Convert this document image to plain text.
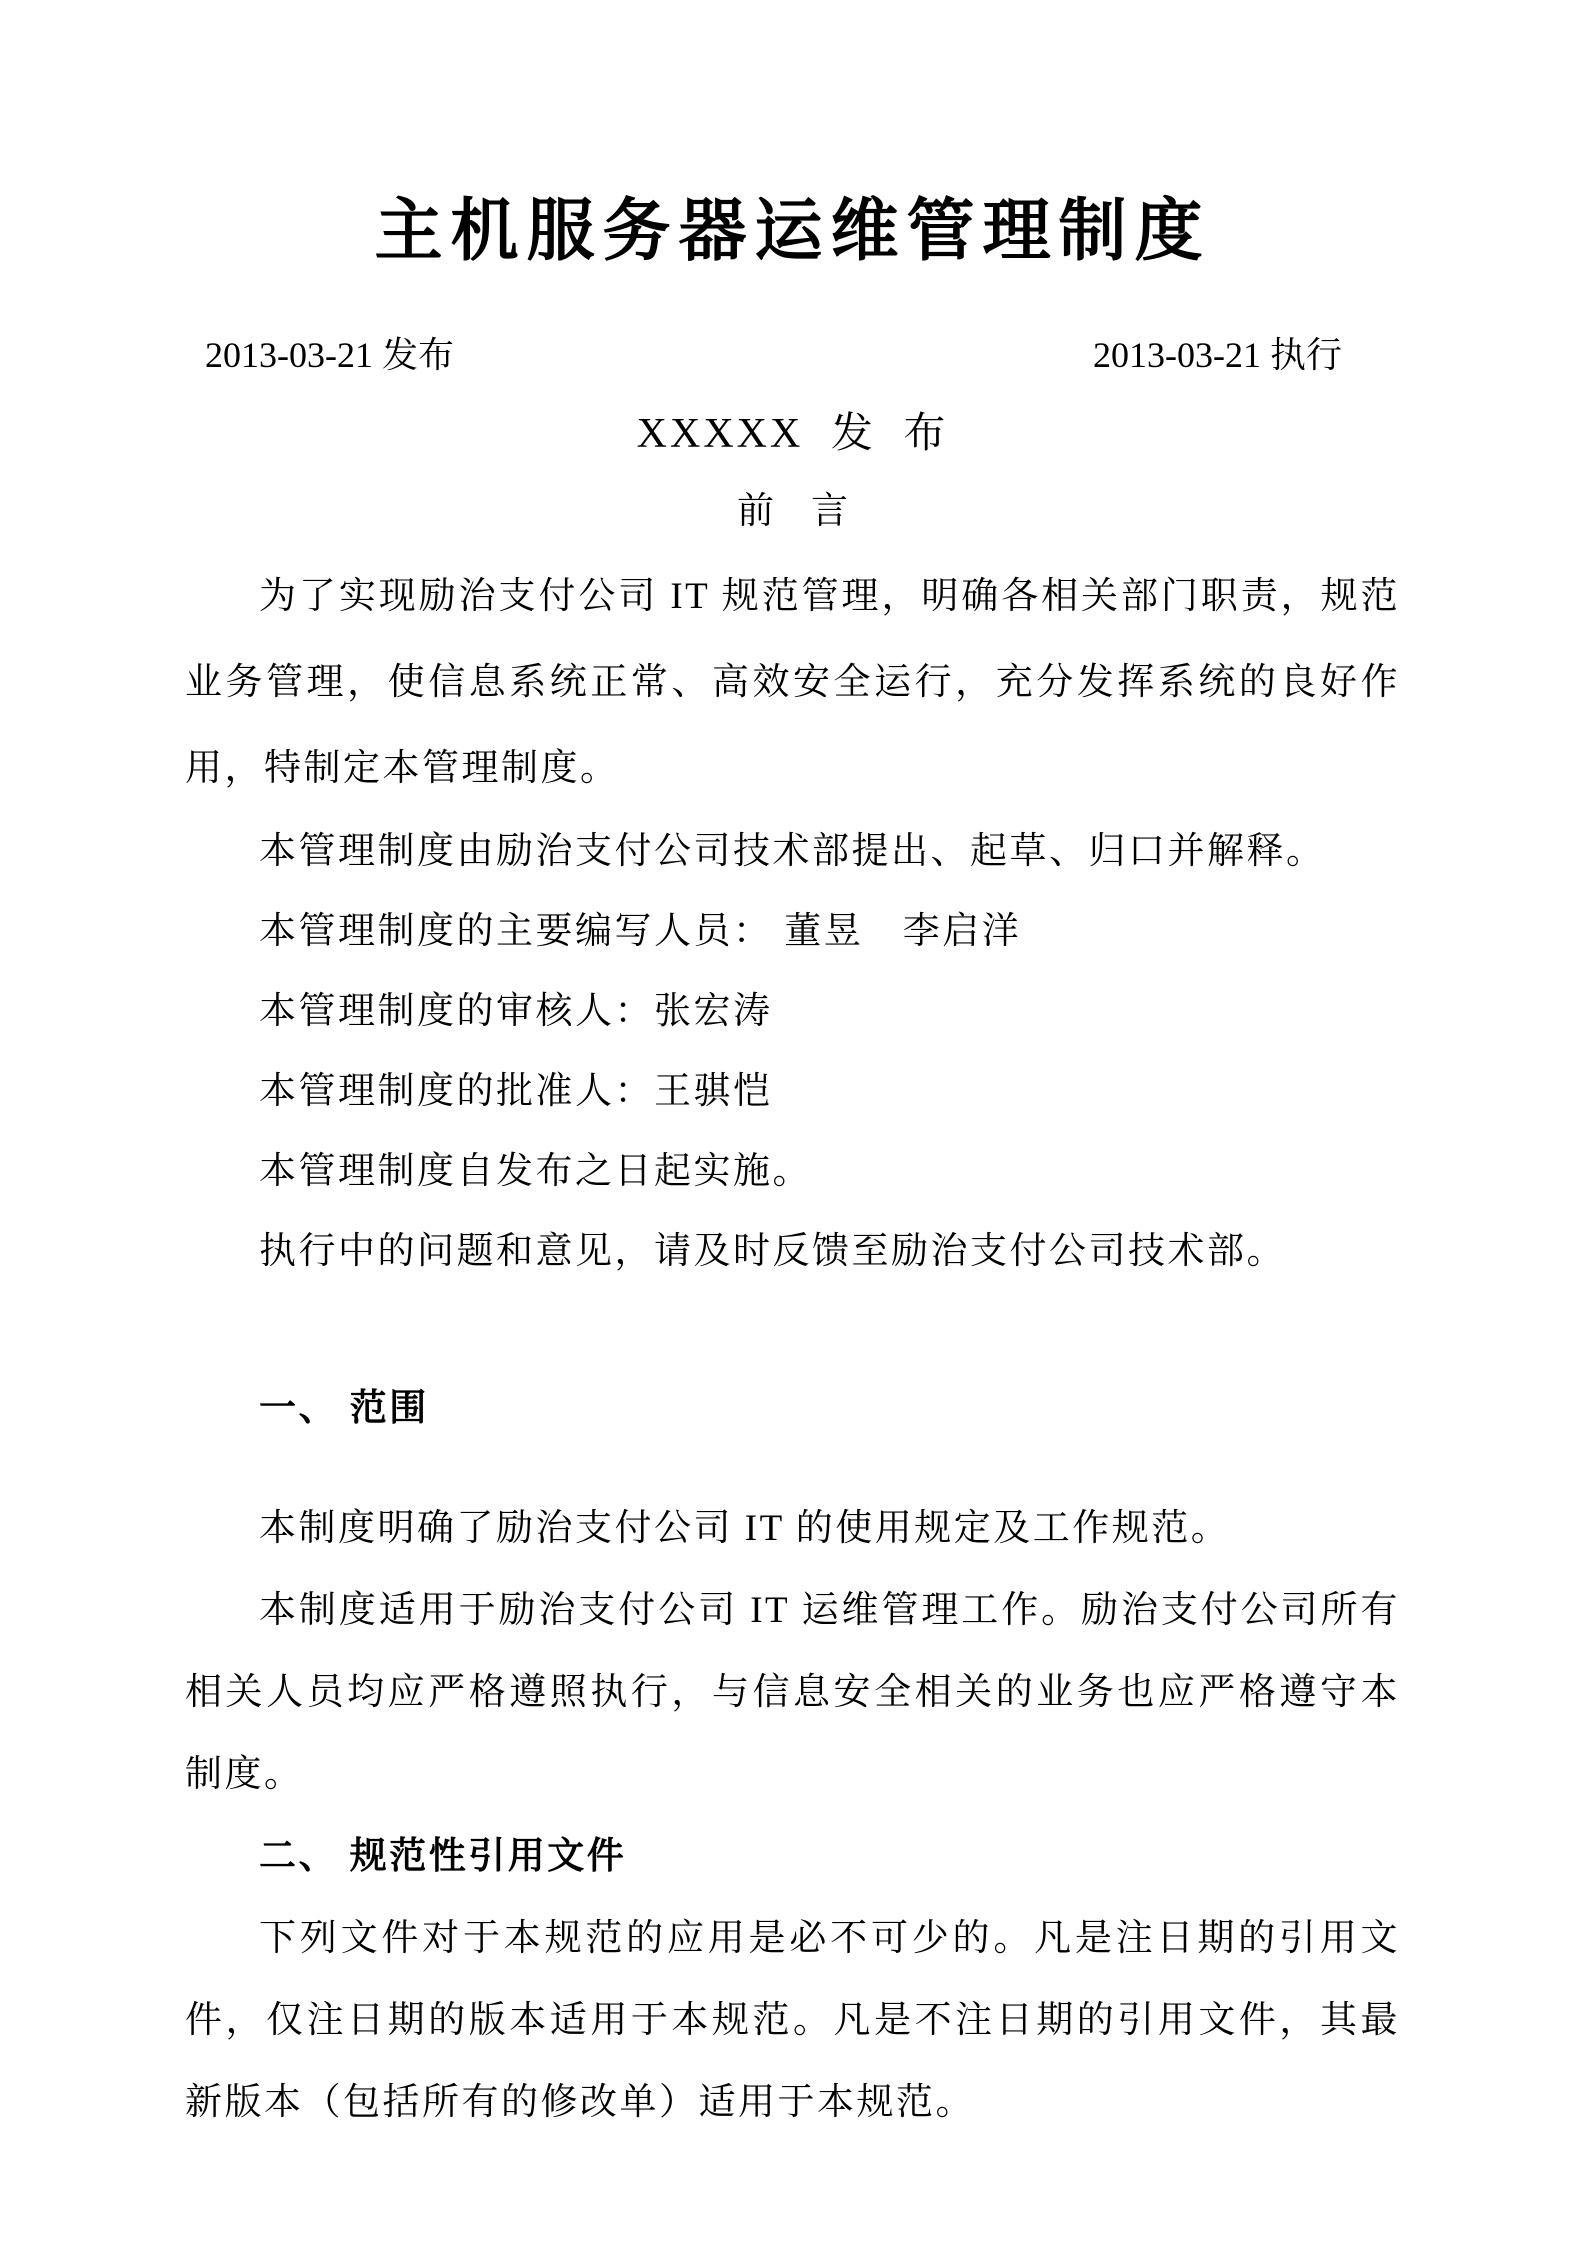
主机服务器运维管理制度
2013-03-21 发布	2013-03-21 执行
XXXXX 发 布
前　言

为了实现励治支付公司 IT 规范管理，明确各相关部门职责，规范业务管理，使信息系统正常、高效安全运行，充分发挥系统的良好作用，特制定本管理制度。

本管理制度由励治支付公司技术部提出、起草、归口并解释。

本管理制度的主要编写人员： 董昱　李启洋

本管理制度的审核人：张宏涛

本管理制度的批准人：王骐恺

本管理制度自发布之日起实施。

执行中的问题和意见，请及时反馈至励治支付公司技术部。

一、 范围

本制度明确了励治支付公司 IT 的使用规定及工作规范。

本制度适用于励治支付公司 IT 运维管理工作。励治支付公司所有相关人员均应严格遵照执行，与信息安全相关的业务也应严格遵守本制度。

二、 规范性引用文件

下列文件对于本规范的应用是必不可少的。凡是注日期的引用文件，仅注日期的版本适用于本规范。凡是不注日期的引用文件，其最新版本（包括所有的修改单）适用于本规范。
